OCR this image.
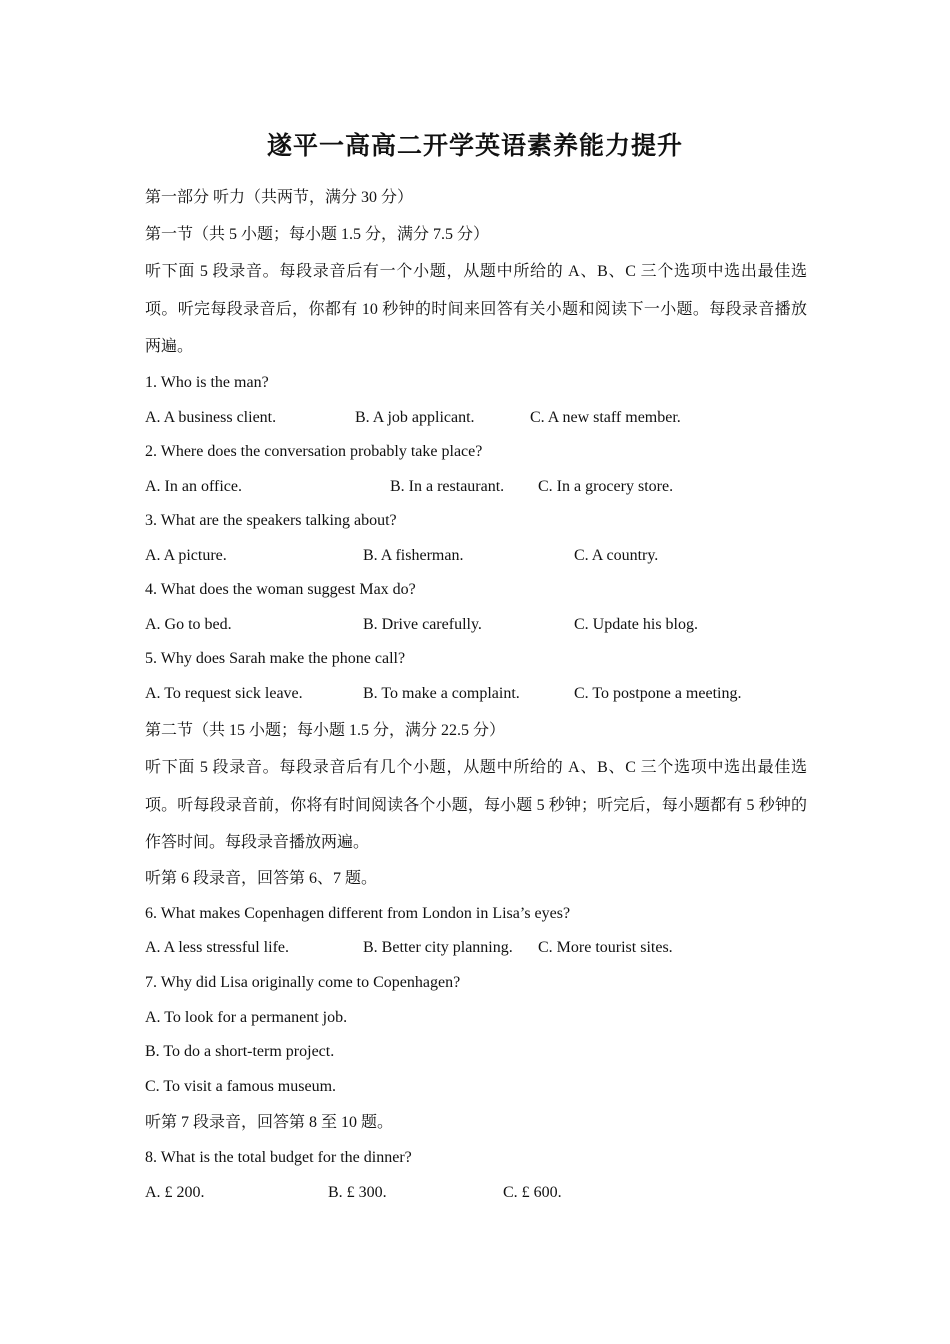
遂平一高高二开学英语素养能力提升
第一部分 听力（共两节，满分 30 分）
第一节（共 5 小题；每小题 1.5 分，满分 7.5 分）
听下面 5 段录音。每段录音后有一个小题，从题中所给的 A、B、C 三个选项中选出最佳选项。听完每段录音后，你都有 10 秒钟的时间来回答有关小题和阅读下一小题。每段录音播放两遍。
1. Who is the man?
A. A business client.	B. A job applicant.	C. A new staff member.
2. Where does the conversation probably take place?
A. In an office.	B. In a restaurant. C. In a grocery store.
3. What are the speakers talking about?
A. A picture.	B. A fisherman.	C. A country.
4. What does the woman suggest Max do?
A. Go to bed.	B. Drive carefully.	C. Update his blog.
5. Why does Sarah make the phone call?
A. To request sick leave.	B. To make a complaint.	C. To postpone a meeting.
第二节（共 15 小题；每小题 1.5 分，满分 22.5 分）
听下面 5 段录音。每段录音后有几个小题，从题中所给的 A、B、C 三个选项中选出最佳选项。听每段录音前，你将有时间阅读各个小题，每小题 5 秒钟；听完后，每小题都有 5 秒钟的作答时间。每段录音播放两遍。
听第 6 段录音，回答第 6、7 题。
6. What makes Copenhagen different from London in Lisa’s eyes?
A. A less stressful life.	B. Better city planning. C. More tourist sites.
7. Why did Lisa originally come to Copenhagen?
A. To look for a permanent job.
B. To do a short-term project.
C. To visit a famous museum.
听第 7 段录音，回答第 8 至 10 题。
8. What is the total budget for the dinner?
A. £ 200.	B. £ 300.	C. £ 600.
